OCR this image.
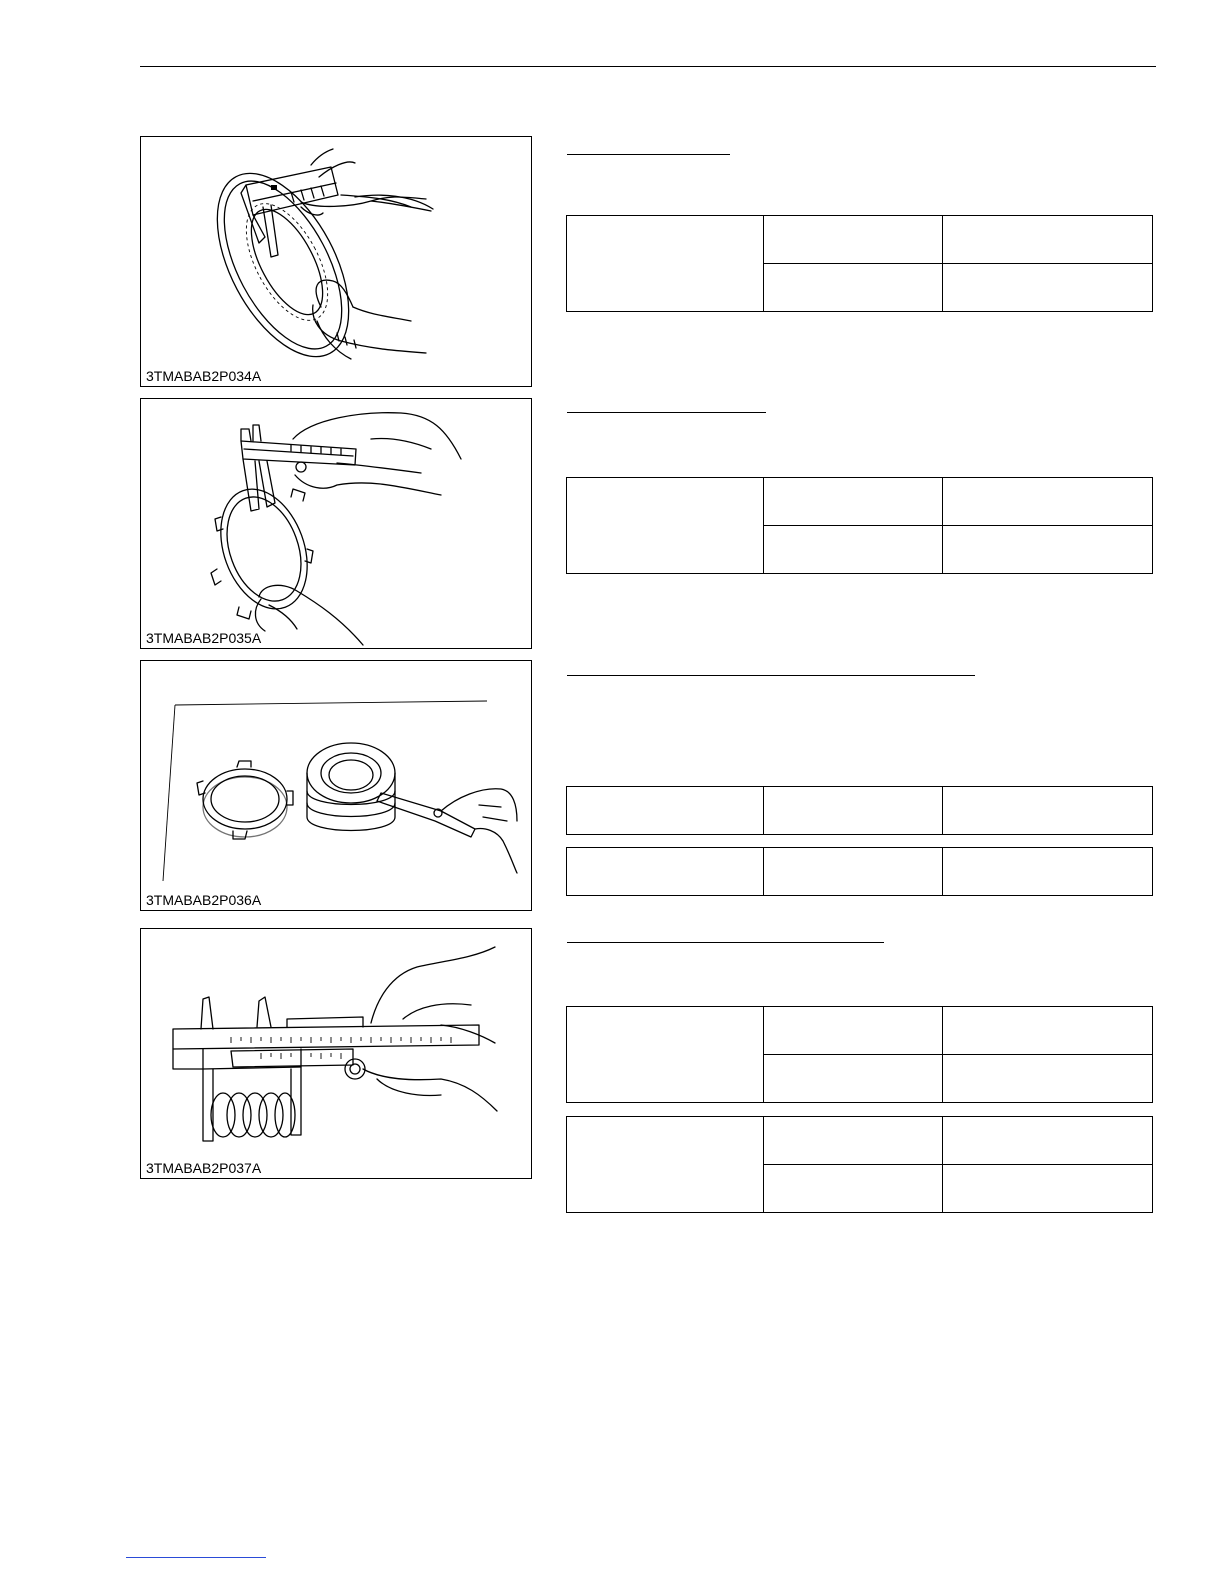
3TMABAB2P034A
3TMABAB2P035A
3TMABAB2P036A
3TMABAB2P037A
